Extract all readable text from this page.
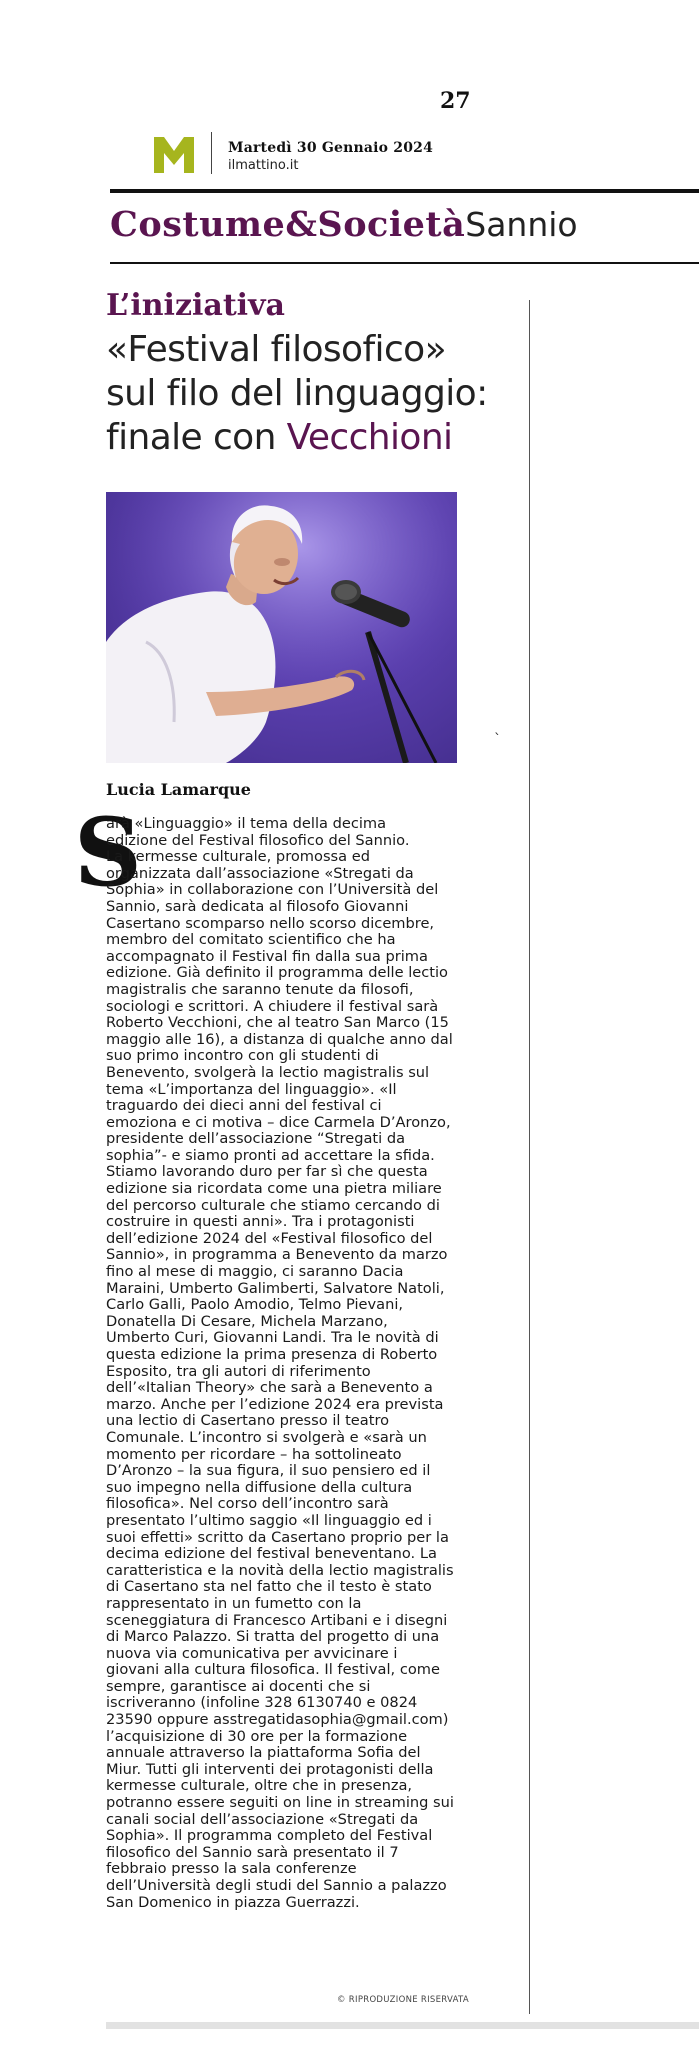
27
Martedì 30 Gennaio 2024
ilmattino.it
Costume&SocietàSannio
L’iniziativa
«Festival filosofico»
sul filo del linguaggio:
finale con Vecchioni
`
Lucia Lamarque
S
arà «Linguaggio» il tema della decima
edizione del Festival filosofico del Sannio.
La kermesse culturale, promossa ed
organizzata dall’associazione «Stregati da
Sophia» in collaborazione con l’Università del
Sannio, sarà dedicata al filosofo Giovanni
Casertano scomparso nello scorso dicembre,
membro del comitato scientifico che ha
accompagnato il Festival fin dalla sua prima
edizione. Già definito il programma delle lectio
magistralis che saranno tenute da filosofi,
sociologi e scrittori. A chiudere il festival sarà
Roberto Vecchioni, che al teatro San Marco (15
maggio alle 16), a distanza di qualche anno dal
suo primo incontro con gli studenti di
Benevento, svolgerà la lectio magistralis sul
tema «L’importanza del linguaggio». «Il
traguardo dei dieci anni del festival ci
emoziona e ci motiva – dice Carmela D’Aronzo,
presidente dell’associazione “Stregati da
sophia”- e siamo pronti ad accettare la sfida.
Stiamo lavorando duro per far sì che questa
edizione sia ricordata come una pietra miliare
del percorso culturale che stiamo cercando di
costruire in questi anni». Tra i protagonisti
dell’edizione 2024 del «Festival filosofico del
Sannio», in programma a Benevento da marzo
fino al mese di maggio, ci saranno Dacia
Maraini, Umberto Galimberti, Salvatore Natoli,
Carlo Galli, Paolo Amodio, Telmo Pievani,
Donatella Di Cesare, Michela Marzano,
Umberto Curi, Giovanni Landi. Tra le novità di
questa edizione la prima presenza di Roberto
Esposito, tra gli autori di riferimento
dell’«Italian Theory» che sarà a Benevento a
marzo. Anche per l’edizione 2024 era prevista
una lectio di Casertano presso il teatro
Comunale. L’incontro si svolgerà e «sarà un
momento per ricordare – ha sottolineato
D’Aronzo – la sua figura, il suo pensiero ed il
suo impegno nella diffusione della cultura
filosofica». Nel corso dell’incontro sarà
presentato l’ultimo saggio «Il linguaggio ed i
suoi effetti» scritto da Casertano proprio per la
decima edizione del festival beneventano. La
caratteristica e la novità della lectio magistralis
di Casertano sta nel fatto che il testo è stato
rappresentato in un fumetto con la
sceneggiatura di Francesco Artibani e i disegni
di Marco Palazzo. Si tratta del progetto di una
nuova via comunicativa per avvicinare i
giovani alla cultura filosofica. Il festival, come
sempre, garantisce ai docenti che si
iscriveranno (infoline 328 6130740 e 0824
23590 oppure asstregatidasophia@gmail.com)
l’acquisizione di 30 ore per la formazione
annuale attraverso la piattaforma Sofia del
Miur. Tutti gli interventi dei protagonisti della
kermesse culturale, oltre che in presenza,
potranno essere seguiti on line in streaming sui
canali social dell’associazione «Stregati da
Sophia». Il programma completo del Festival
filosofico del Sannio sarà presentato il 7
febbraio presso la sala conferenze
dell’Università degli studi del Sannio a palazzo
San Domenico in piazza Guerrazzi.
© RIPRODUZIONE RISERVATA
